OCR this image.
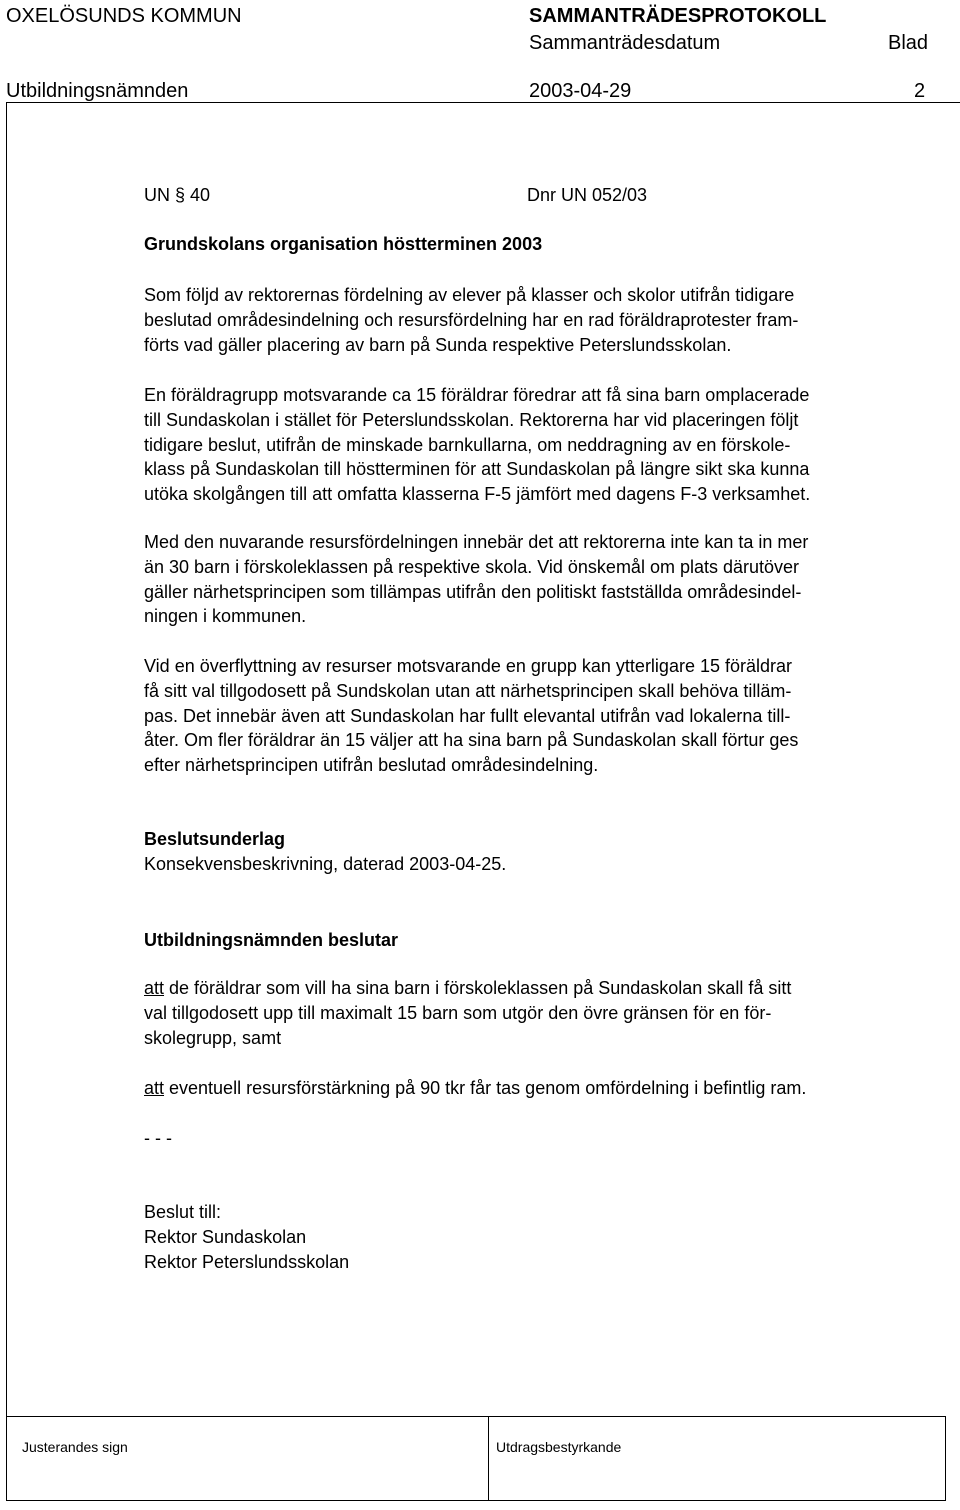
OXELÖSUNDS KOMMUN	SAMMANTRÄDESPROTOKOLL
Sammanträdesdatum	Blad
Utbildningsnämnden	2003-04-29	2
UN § 40	Dnr UN 052/03
Grundskolans organisation höstterminen 2003
Som följd av rektorernas fördelning av elever på klasser och skolor utifrån tidigare
beslutad områdesindelning och resursfördelning har en rad föräldraprotester fram-
förts vad gäller placering av barn på Sunda respektive Peterslundsskolan.
En föräldragrupp motsvarande ca 15 föräldrar föredrar att få sina barn omplacerade
till Sundaskolan i stället för Peterslundsskolan. Rektorerna har vid placeringen följt
tidigare beslut, utifrån de minskade barnkullarna, om neddragning av en förskole-
klass på Sundaskolan till höstterminen för att Sundaskolan på längre sikt ska kunna
utöka skolgången till att omfatta klasserna F-5 jämfört med dagens F-3 verksamhet.
Med den nuvarande resursfördelningen innebär det att rektorerna inte kan ta in mer
än 30 barn i förskoleklassen på respektive skola. Vid önskemål om plats därutöver
gäller närhetsprincipen som tillämpas utifrån den politiskt fastställda områdesindel-
ningen i kommunen.
Vid en överflyttning av resurser motsvarande en grupp kan ytterligare 15 föräldrar
få sitt val tillgodosett på Sundskolan utan att närhetsprincipen skall behöva tilläm-
pas. Det innebär även att Sundaskolan har fullt elevantal utifrån vad lokalerna till-
åter. Om fler föräldrar än 15 väljer att ha sina barn på Sundaskolan skall förtur ges
efter närhetsprincipen utifrån beslutad områdesindelning.
Beslutsunderlag
Konsekvensbeskrivning, daterad 2003-04-25.
Utbildningsnämnden beslutar
att de föräldrar som vill ha sina barn i förskoleklassen på Sundaskolan skall få sitt
val tillgodosett upp till maximalt 15 barn som utgör den övre gränsen för en för-
skolegrupp, samt
att eventuell resursförstärkning på 90 tkr får tas genom omfördelning i befintlig ram.
- - -
Beslut till:
Rektor Sundaskolan
Rektor Peterslundsskolan
Justerandes sign	Utdragsbestyrkande
